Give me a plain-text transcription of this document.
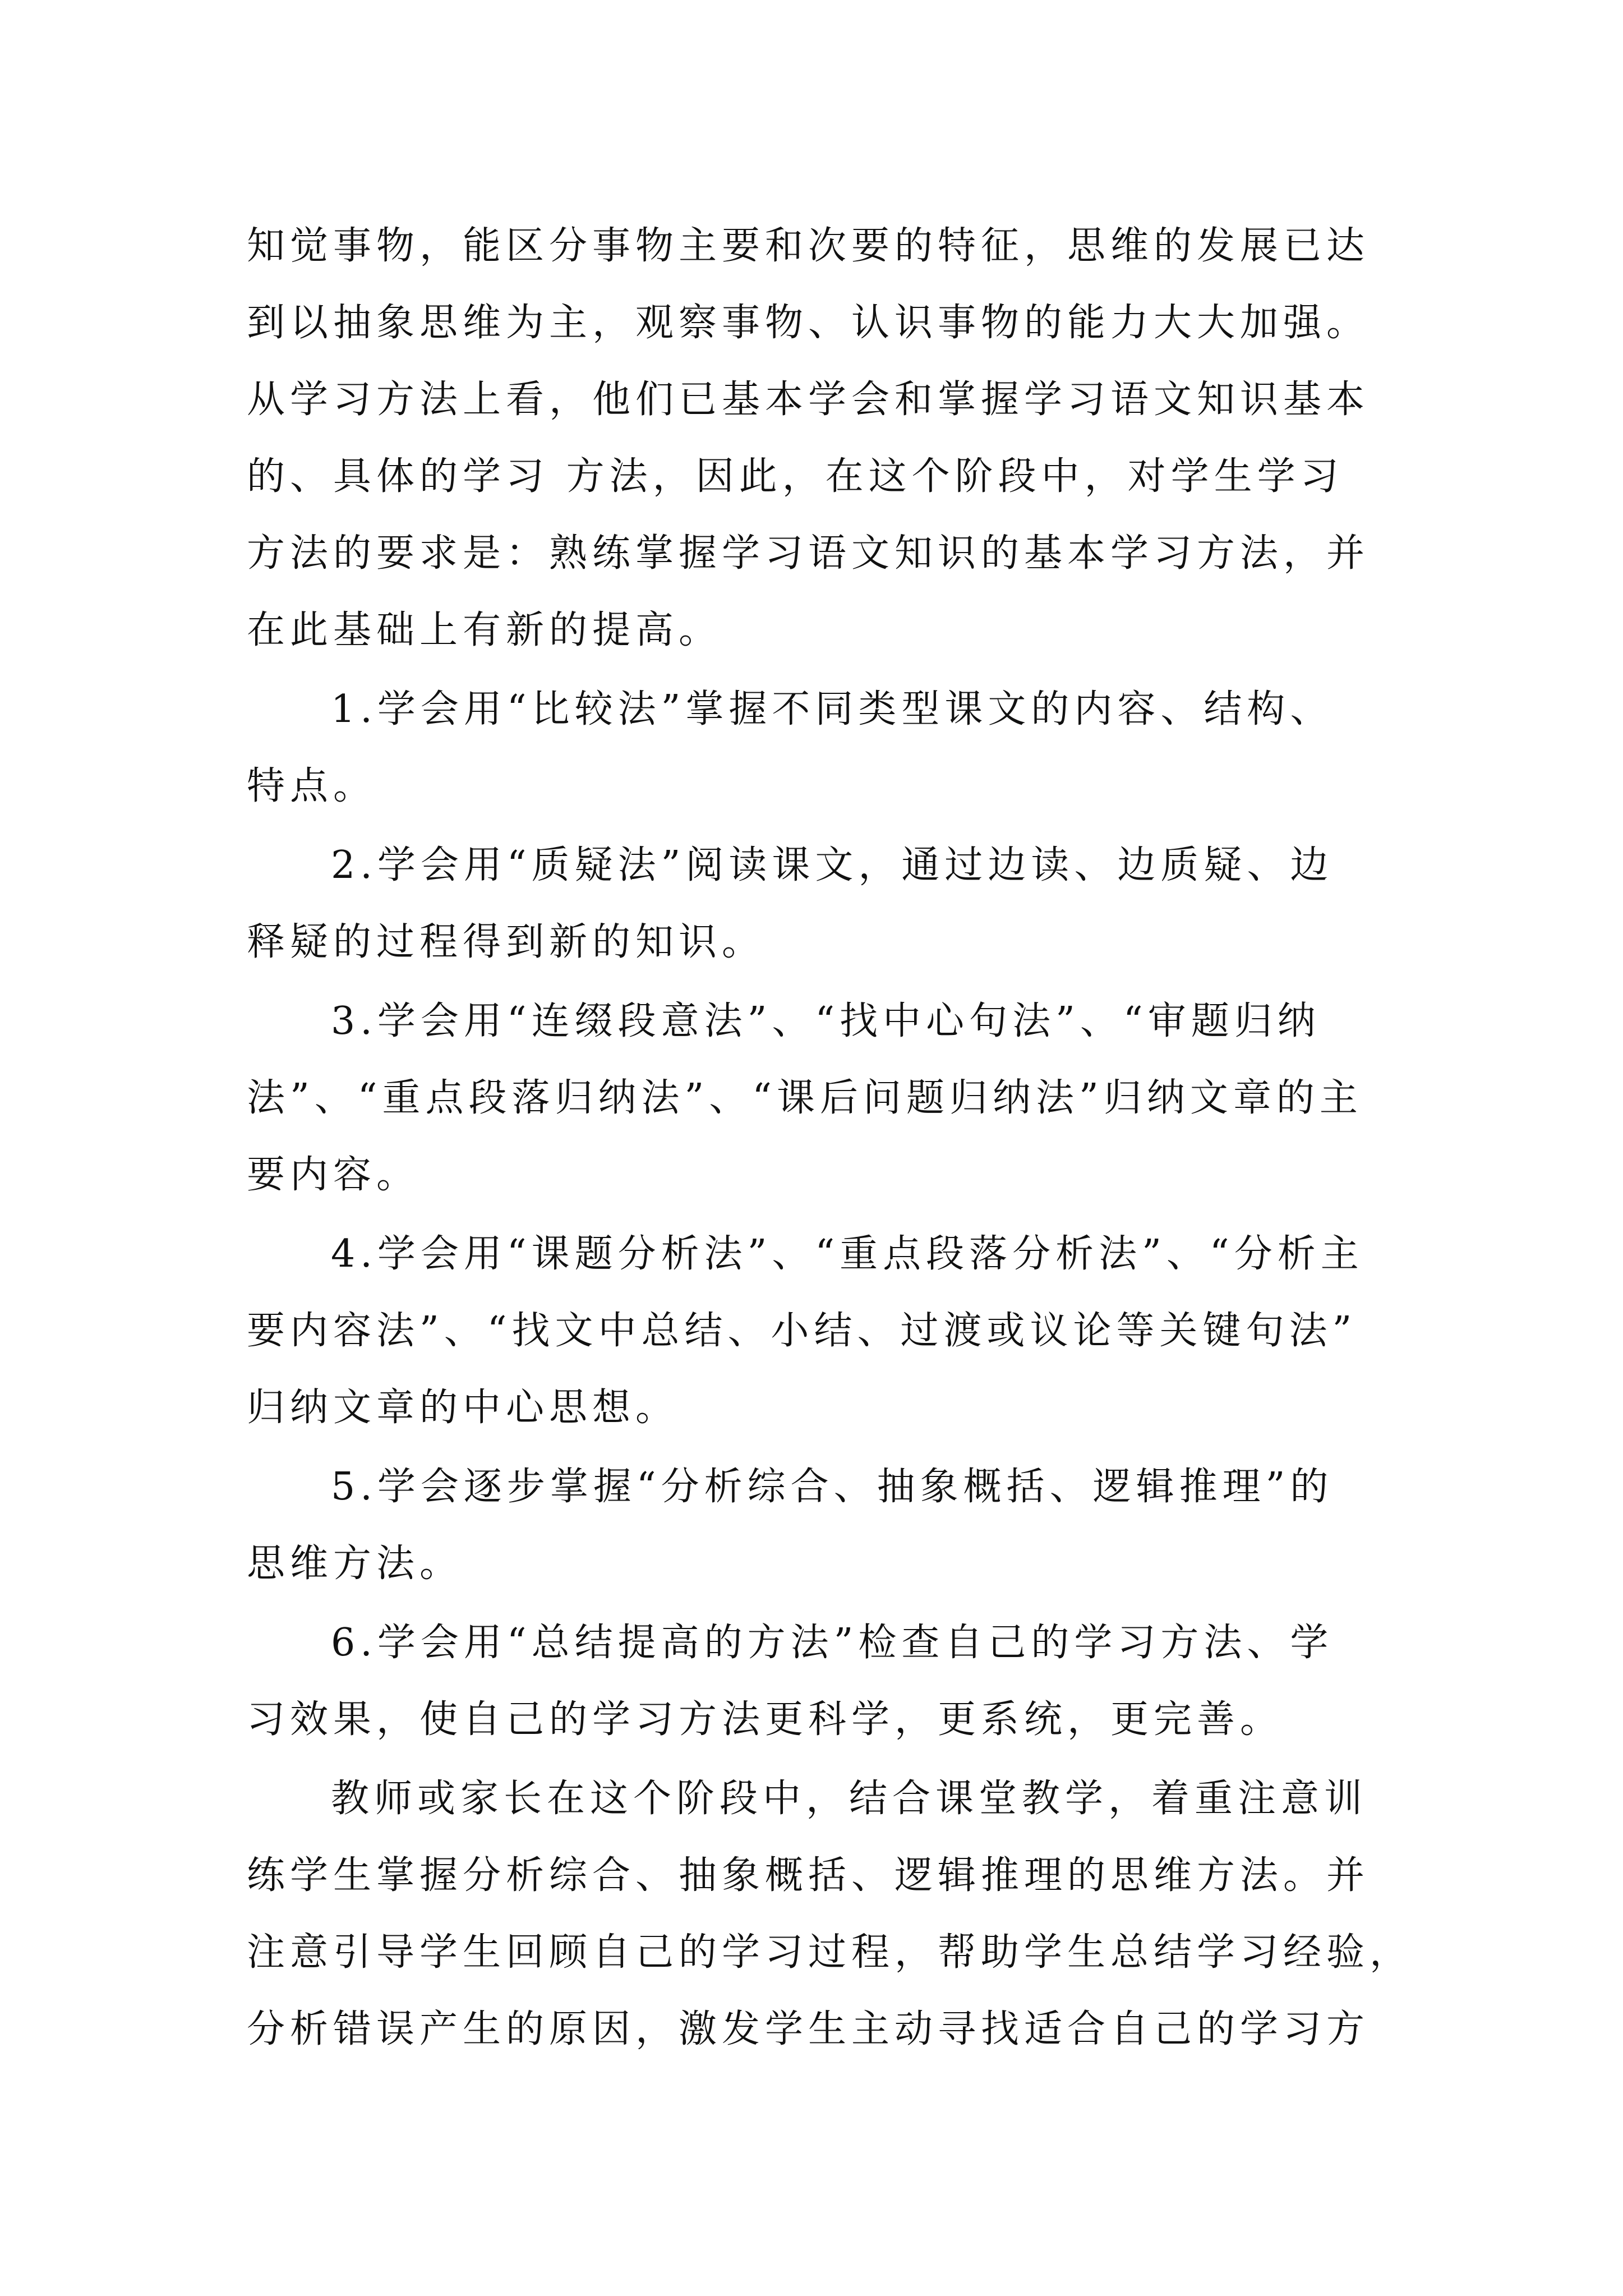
知觉事物，能区分事物主要和次要的特征，思维的发展已达
到以抽象思维为主，观察事物、认识事物的能力大大加强。
从学习方法上看，他们已基本学会和掌握学习语文知识基本
的、具体的学习 方法，因此，在这个阶段中，对学生学习
方法的要求是：熟练掌握学习语文知识的基本学习方法，并
在此基础上有新的提高。
1.学会用“比较法”掌握不同类型课文的内容、结构、
特点。
2.学会用“质疑法”阅读课文，通过边读、边质疑、边
释疑的过程得到新的知识。
3.学会用“连缀段意法”、“找中心句法”、“审题归纳
法”、“重点段落归纳法”、“课后问题归纳法”归纳文章的主
要内容。
4.学会用“课题分析法”、“重点段落分析法”、“分析主
要内容法”、“找文中总结、小结、过渡或议论等关键句法”
归纳文章的中心思想。
5.学会逐步掌握“分析综合、抽象概括、逻辑推理”的
思维方法。
6.学会用“总结提高的方法”检查自己的学习方法、学
习效果，使自己的学习方法更科学，更系统，更完善。
教师或家长在这个阶段中，结合课堂教学，着重注意训
练学生掌握分析综合、抽象概括、逻辑推理的思维方法。并
注意引导学生回顾自己的学习过程，帮助学生总结学习经验，
分析错误产生的原因，激发学生主动寻找适合自己的学习方
